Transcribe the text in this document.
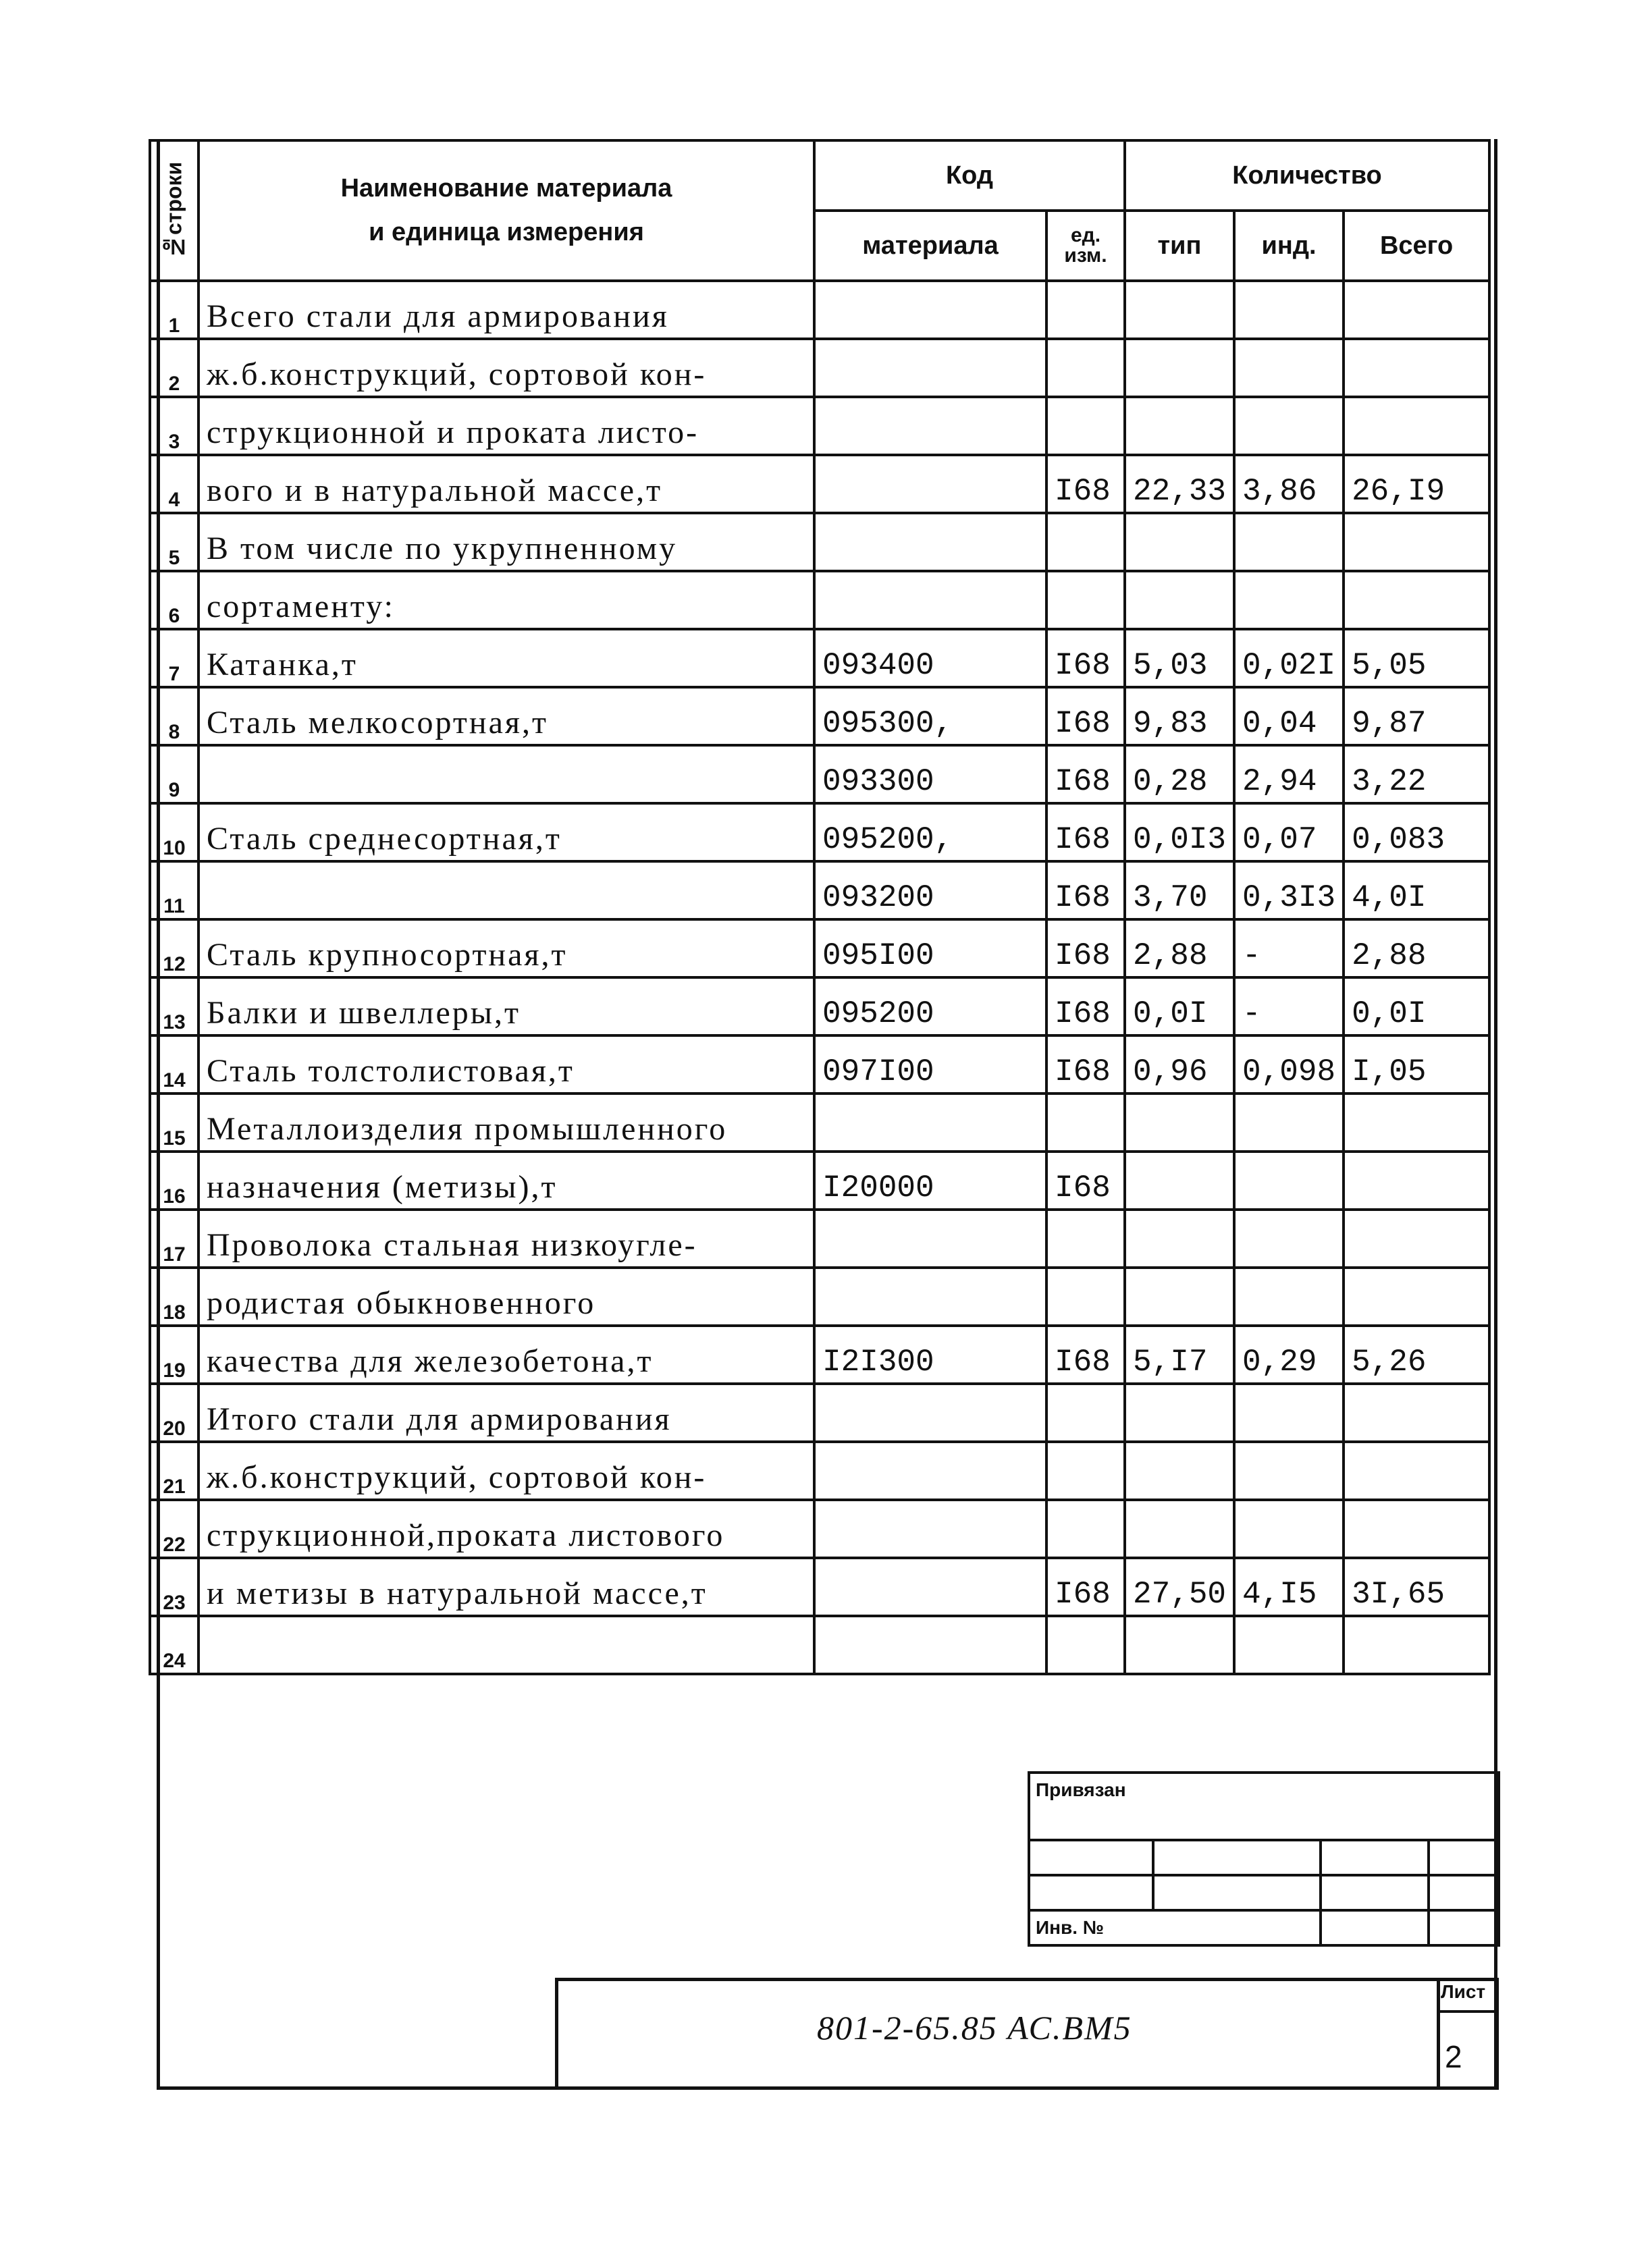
№строки	Наименование материала
и единица измерения	Код		Количество		
		материала	ед. изм.	тип	инд.	Всего
1	Всего стали для армирования					
2	ж.б.конструкций, сортовой кон-					
3	струкционной и проката листо-					
4	вого и в натуральной массе,т		I68	22,33	3,86	26,I9
5	В том числе по укрупненному					
6	сортаменту:					
7	Катанка,т	093400	I68	5,03	0,02I	5,05
8	Сталь мелкосортная,т	095300,	I68	9,83	0,04	9,87
9		093300	I68	0,28	2,94	3,22
10	Сталь среднесортная,т	095200,	I68	0,0I3	0,07	0,083
11		093200	I68	3,70	0,3I3	4,0I
12	Сталь крупносортная,т	095I00	I68	2,88	-	2,88
13	Балки и швеллеры,т	095200	I68	0,0I	-	0,0I
14	Сталь толстолистовая,т	097I00	I68	0,96	0,098	I,05
15	Металлоизделия промышленного					
16	назначения (метизы),т	I20000	I68			
17	Проволока стальная низкоугле-					
18	родистая обыкновенного					
19	качества для железобетона,т	I2I300	I68	5,I7	0,29	5,26
20	Итого стали для армирования					
21	ж.б.конструкций, сортовой кон-					
22	струкционной,проката листового					
23	и метизы в натуральной массе,т		I68	27,50	4,I5	3I,65
24						
Привязан			

Инв. №			
801-2-65.85 АС.ВМ5
Лист
2
